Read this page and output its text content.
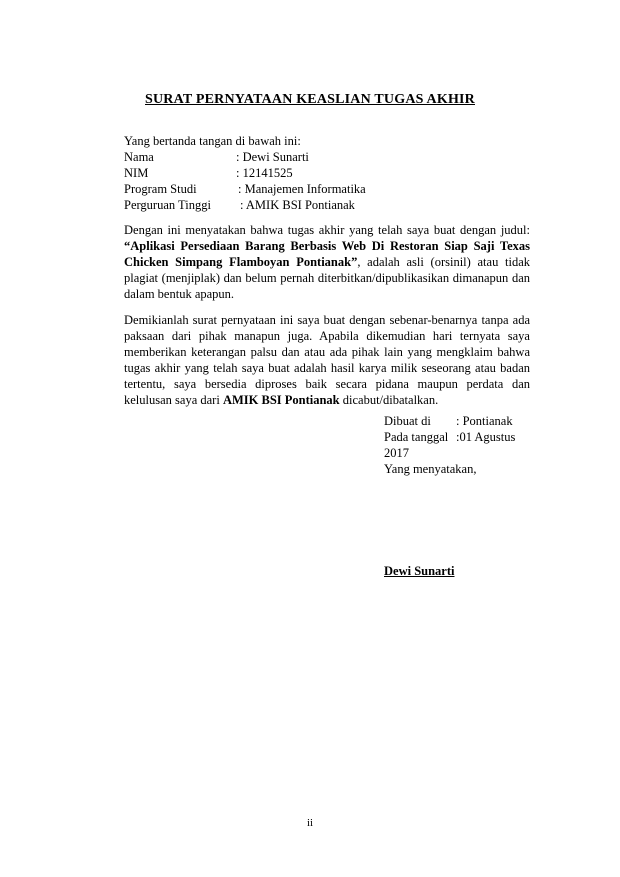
SURAT PERNYATAAN KEASLIAN TUGAS AKHIR
Yang bertanda tangan di bawah ini:
Nama	: Dewi Sunarti
NIM	: 12141525
Program Studi	: Manajemen Informatika
Perguruan Tinggi	: AMIK BSI Pontianak
Dengan ini menyatakan bahwa tugas akhir yang telah saya buat dengan judul: “Aplikasi Persediaan Barang Berbasis Web Di Restoran Siap Saji Texas Chicken Simpang Flamboyan Pontianak”, adalah asli (orsinil) atau tidak plagiat (menjiplak) dan belum pernah diterbitkan/dipublikasikan dimanapun dan dalam bentuk apapun.
Demikianlah surat pernyataan ini saya buat dengan sebenar-benarnya tanpa ada paksaan dari pihak manapun juga. Apabila dikemudian hari ternyata saya memberikan keterangan palsu dan atau ada pihak lain yang mengklaim bahwa tugas akhir yang telah saya buat adalah hasil karya milik seseorang atau badan tertentu, saya bersedia diproses baik secara pidana maupun perdata dan kelulusan saya dari AMIK BSI Pontianak dicabut/dibatalkan.
Dibuat di	: Pontianak
Pada tanggal :01 Agustus
2017
Yang menyatakan,
Dewi Sunarti
ii
